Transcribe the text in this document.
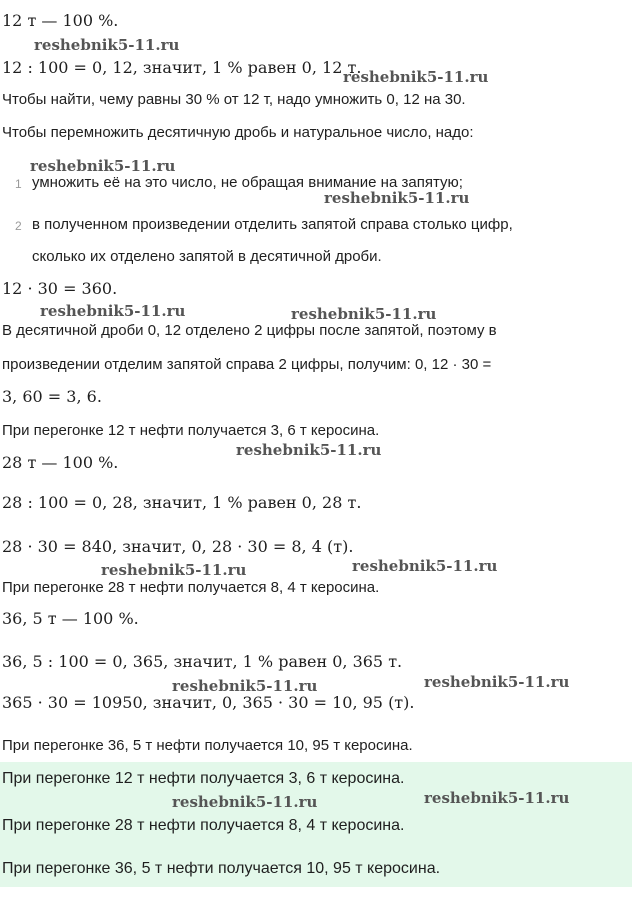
12 т — 100 %.
12 : 100 = 0, 12, значит, 1 % равен 0, 12 т.
Чтобы найти, чему равны 30 % от 12 т, надо умножить 0, 12 на 30.
Чтобы перемножить десятичную дробь и натуральное число, надо:
1 умножить её на это число, не обращая внимание на запятую;
2 в полученном произведении отделить запятой справа столько цифр,
сколько их отделено запятой в десятичной дроби.
12 · 30 = 360.
В десятичной дроби 0, 12 отделено 2 цифры после запятой, поэтому в
произведении отделим запятой справа 2 цифры, получим: 0, 12 · 30 =
3, 60 = 3, 6.
При перегонке 12 т нефти получается 3, 6 т керосина.
28 т — 100 %.
28 : 100 = 0, 28, значит, 1 % равен 0, 28 т.
28 · 30 = 840, значит, 0, 28 · 30 = 8, 4 (т).
При перегонке 28 т нефти получается 8, 4 т керосина.
36, 5 т — 100 %.
36, 5 : 100 = 0, 365, значит, 1 % равен 0, 365 т.
365 · 30 = 10950, значит, 0, 365 · 30 = 10, 95 (т).
При перегонке 36, 5 т нефти получается 10, 95 т керосина.
При перегонке 12 т нефти получается 3, 6 т керосина.
При перегонке 28 т нефти получается 8, 4 т керосина.
При перегонке 36, 5 т нефти получается 10, 95 т керосина.
reshebnik5-11.ru
reshebnik5-11.ru
reshebnik5-11.ru
reshebnik5-11.ru
reshebnik5-11.ru	reshebnik5-11.ru
reshebnik5-11.ru
reshebnik5-11.ru	reshebnik5-11.ru
reshebnik5-11.ru	reshebnik5-11.ru
reshebnik5-11.ru	reshebnik5-11.ru
